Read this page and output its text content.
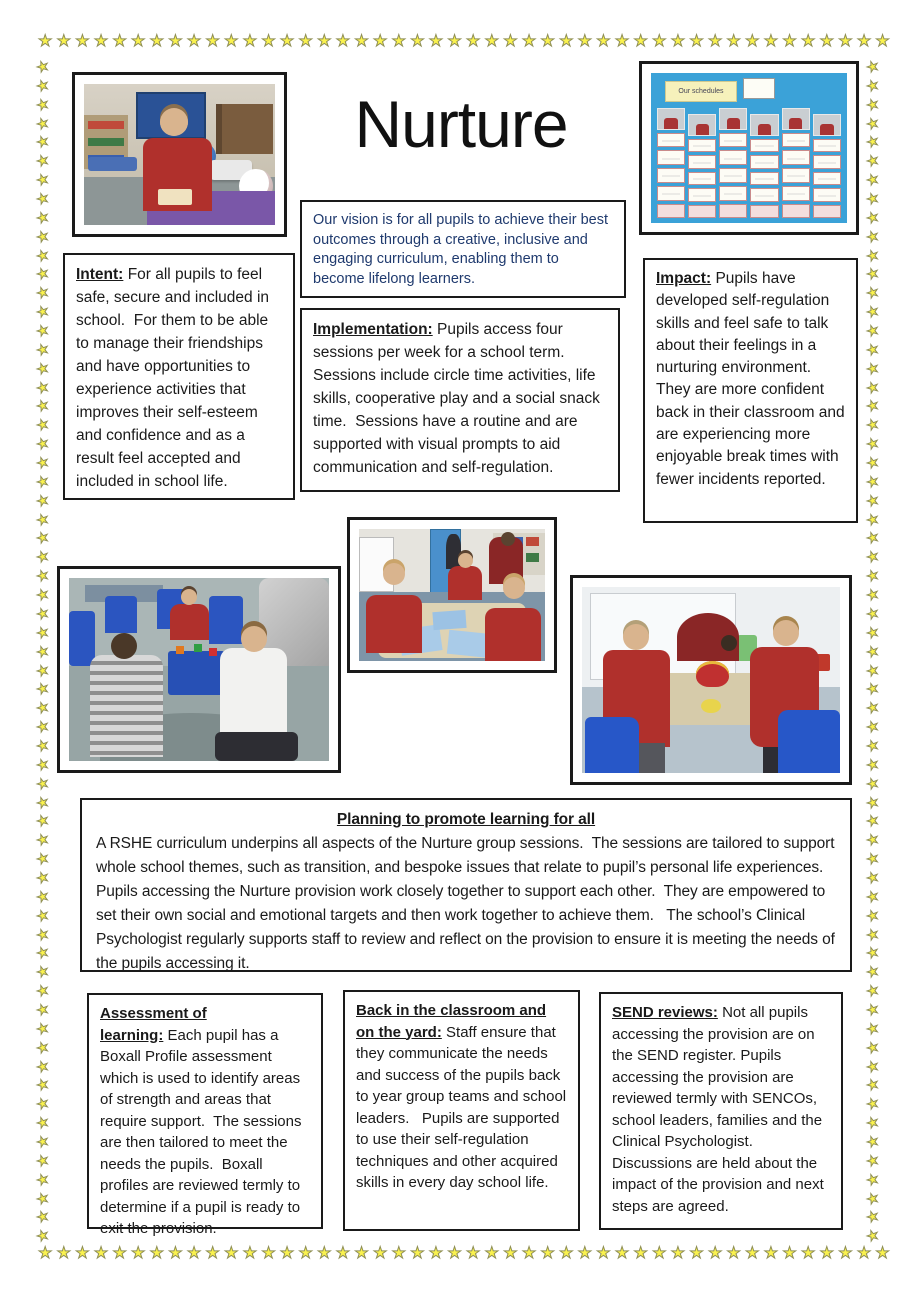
★ ★ ★ ★ ★ ★ ★ ★ ★ ★ ★ ★ ★ ★ ★ ★ ★ ★ ★ ★ ★ ★ ★ ★ ★ ★ ★ ★ ★ ★ ★ ★ ★ ★ ★ ★ ★ ★ ★ ★ ★ ★ ★ ★ ★ ★
★ ★ ★ ★ ★ ★ ★ ★ ★ ★ ★ ★ ★ ★ ★ ★ ★ ★ ★ ★ ★ ★ ★ ★ ★ ★ ★ ★ ★ ★ ★ ★ ★ ★ ★ ★ ★ ★ ★ ★ ★ ★ ★ ★ ★ ★
★
★
★
★
★
★
★
★
★
★
★
★
★
★
★
★
★
★
★
★
★
★
★
★
★
★
★
★
★
★
★
★
★
★
★
★
★
★
★
★
★
★
★
★
★
★
★
★
★
★
★
★
★
★
★
★
★
★
★
★
★
★
★
★
★
★
★
★
★
★
★
★
★
★
★
★
★
★
★
★
★
★
★
★
★
★
★
★
★
★
★
★
★
★
★
★
★
★
★
★
★
★
★
★
★
★
★
★
★
★
★
★
★
★
★
★
★
★
★
★
★
★
★
★
★
★
Nurture	Our schedules

Our vision is for all pupils to achieve their best outcomes through a creative, inclusive and engaging curriculum, enabling them to become lifelong learners.

Intent: For all pupils to feel safe, secure and included in school.  For them to be able to manage their friendships and have opportunities to experience activities that improves their self-esteem and confidence and as a result feel accepted and included in school life.

Implementation: Pupils access four sessions per week for a school term.  Sessions include circle time activities, life skills, cooperative play and a social snack time.  Sessions have a routine and are supported with visual prompts to aid communication and self-regulation.

Impact: Pupils have developed self-regulation skills and feel safe to talk about their feelings in a nurturing environment.  They are more confident back in their classroom and are experiencing more enjoyable break times with fewer incidents reported.

Planning to promote learning for all

A RSHE curriculum underpins all aspects of the Nurture group sessions.  The sessions are tailored to support whole school themes, such as transition, and bespoke issues that relate to pupil’s personal life experiences.   Pupils accessing the Nurture provision work closely together to support each other.  They are empowered to set their own social and emotional targets and then work together to achieve them.   The school’s Clinical Psychologist regularly supports staff to review and reflect on the provision to ensure it is meeting the needs of the pupils accessing it.

Assessment of learning: Each pupil has a Boxall Profile assessment which is used to identify areas of strength and areas that require support.  The sessions are then tailored to meet the needs the pupils.  Boxall profiles are reviewed termly to determine if a pupil is ready to exit the provision.

Back in the classroom and on the yard: Staff ensure that they communicate the needs and success of the pupils back to year group teams and school leaders.   Pupils are supported to use their self-regulation techniques and other acquired skills in every day school life.

SEND reviews: Not all pupils accessing the provision are on the SEND register. Pupils accessing the provision are reviewed termly with SENCOs, school leaders, families and the Clinical Psychologist.  Discussions are held about the impact of the provision and next steps are agreed.
